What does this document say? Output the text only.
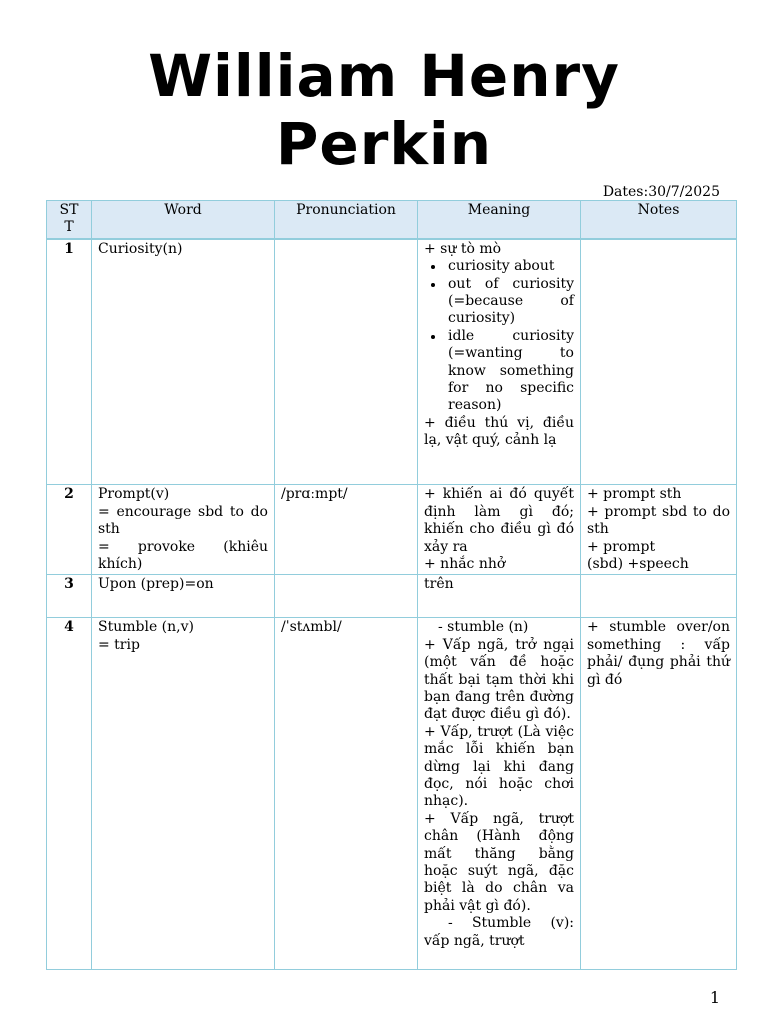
William Henry
Perkin
Dates:30/7/2025
ST
T	Word	Pronunciation	Meaning	Notes
1	Curiosity(n)		+ sự tò mò
curiosity about
out of curiosity (=because of curiosity)
idle curiosity (=wanting to know something for no specific reason)
+ điều thú vị, điều lạ, vật quý, cảnh lạ	

2	Prompt(v)
= encourage sbd to do sth
= provoke (khiêu khích)	/prɑːmpt/	+ khiến ai đó quyết định làm gì đó; khiến cho điều gì đó xảy ra
+ nhắc nhở	+ prompt sth
+ prompt sbd to do sth
+ prompt
(sbd) +speech

3	Upon (prep)=on		trên	

4	Stumble (n,v)
= trip	/ˈstʌmbl/	- stumble (n)
+ Vấp ngã, trở ngại (một vấn đề hoặc thất bại tạm thời khi bạn đang trên đường đạt được điều gì đó).
+ Vấp, trượt (Là việc mắc lỗi khiến bạn dừng lại khi đang đọc, nói hoặc chơi nhạc).
+ Vấp ngã, trượt chân (Hành động mất thăng bằng hoặc suýt ngã, đặc biệt là do chân va phải vật gì đó).
- Stumble (v): vấp ngã, trượt	+ stumble over/on something : vấp phải/ đụng phải thứ gì đó
1
